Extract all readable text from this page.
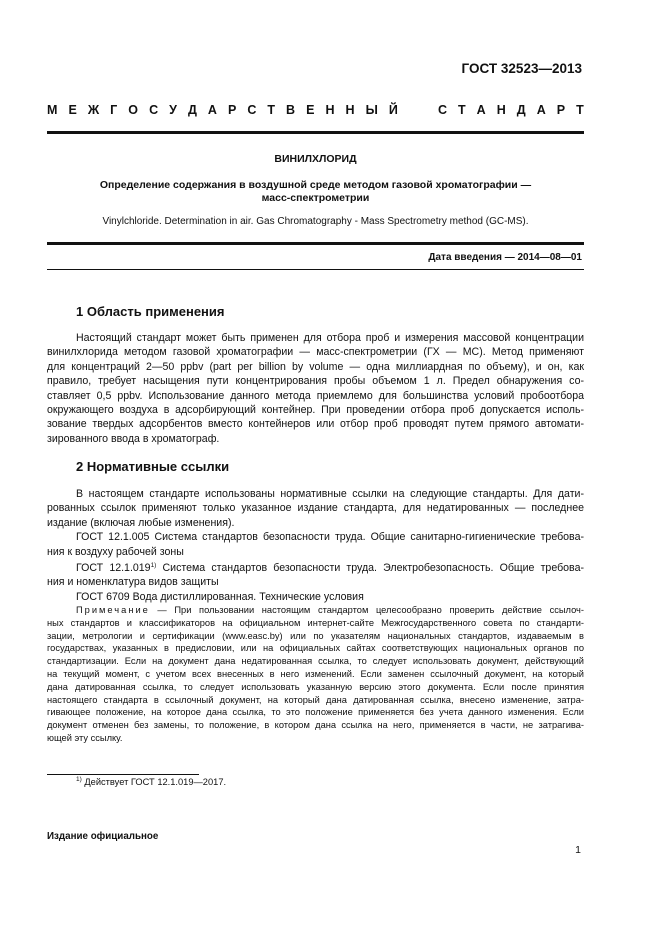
ГОСТ 32523—2013
М Е Ж Г О С У Д А Р С Т В Е Н Н Ы Й
	С Т А Н Д А Р Т
ВИНИЛХЛОРИД
Определение содержания в воздушной среде методом газовой хроматографии —
масс-спектрометрии
Vinylchloride. Determination in air. Gas Chromatography - Mass Spectrometry method (GC-MS).
Дата введения — 2014—08—01
1 Область применения
Настоящий стандарт может быть применен для отбора проб и измерения массовой концентрации
винилхлорида методом газовой хроматографии — масс-спектрометрии (ГХ — МС). Метод применяют
для концентраций 2—50 ppbv (part per billion by volume — одна миллиардная по объему), и он, как
правило, требует насыщения пути концентрирования пробы объемом 1 л. Предел обнаружения со-
ставляет 0,5 ppbv. Использование данного метода приемлемо для большинства условий пробоотбора
окружающего воздуха в адсорбирующий контейнер. При проведении отбора проб допускается исполь-
зование твердых адсорбентов вместо контейнеров или отбор проб проводят путем прямого автомати-
зированного ввода в хроматограф.
2 Нормативные ссылки
В настоящем стандарте использованы нормативные ссылки на следующие стандарты. Для дати-
рованных ссылок применяют только указанное издание стандарта, для недатированных — последнее
издание (включая любые изменения).
ГОСТ 12.1.005 Система стандартов безопасности труда. Общие санитарно-гигиенические требова-
ния к воздуху рабочей зоны
ГОСТ 12.1.019$^{1)}$ Система стандартов безопасности труда. Электробезопасность. Общие требова-
ния и номенклатура видов защиты
ГОСТ 6709 Вода дистиллированная. Технические условия
Примечание — При пользовании настоящим стандартом целесообразно проверить действие ссылоч-
ных стандартов и классификаторов на официальном интернет-сайте Межгосударственного совета по стандарти-
зации, метрологии и сертификации (www.easc.by) или по указателям национальных стандартов, издаваемым в
государствах, указанных в предисловии, или на официальных сайтах соответствующих национальных органов по
стандартизации. Если на документ дана недатированная ссылка, то следует использовать документ, действующий
на текущий момент, с учетом всех внесенных в него изменений. Если заменен ссылочный документ, на который
дана датированная ссылка, то следует использовать указанную версию этого документа. Если после принятия
настоящего стандарта в ссылочный документ, на который дана датированная ссылка, внесено изменение, затра-
гивающее положение, на которое дана ссылка, то это положение применяется без учета данного изменения. Если
документ отменен без замены, то положение, в котором дана ссылка на него, применяется в части, не затрагива-
ющей эту ссылку.
$^{1)}$ Действует ГОСТ 12.1.019—2017.
Издание официальное
1
